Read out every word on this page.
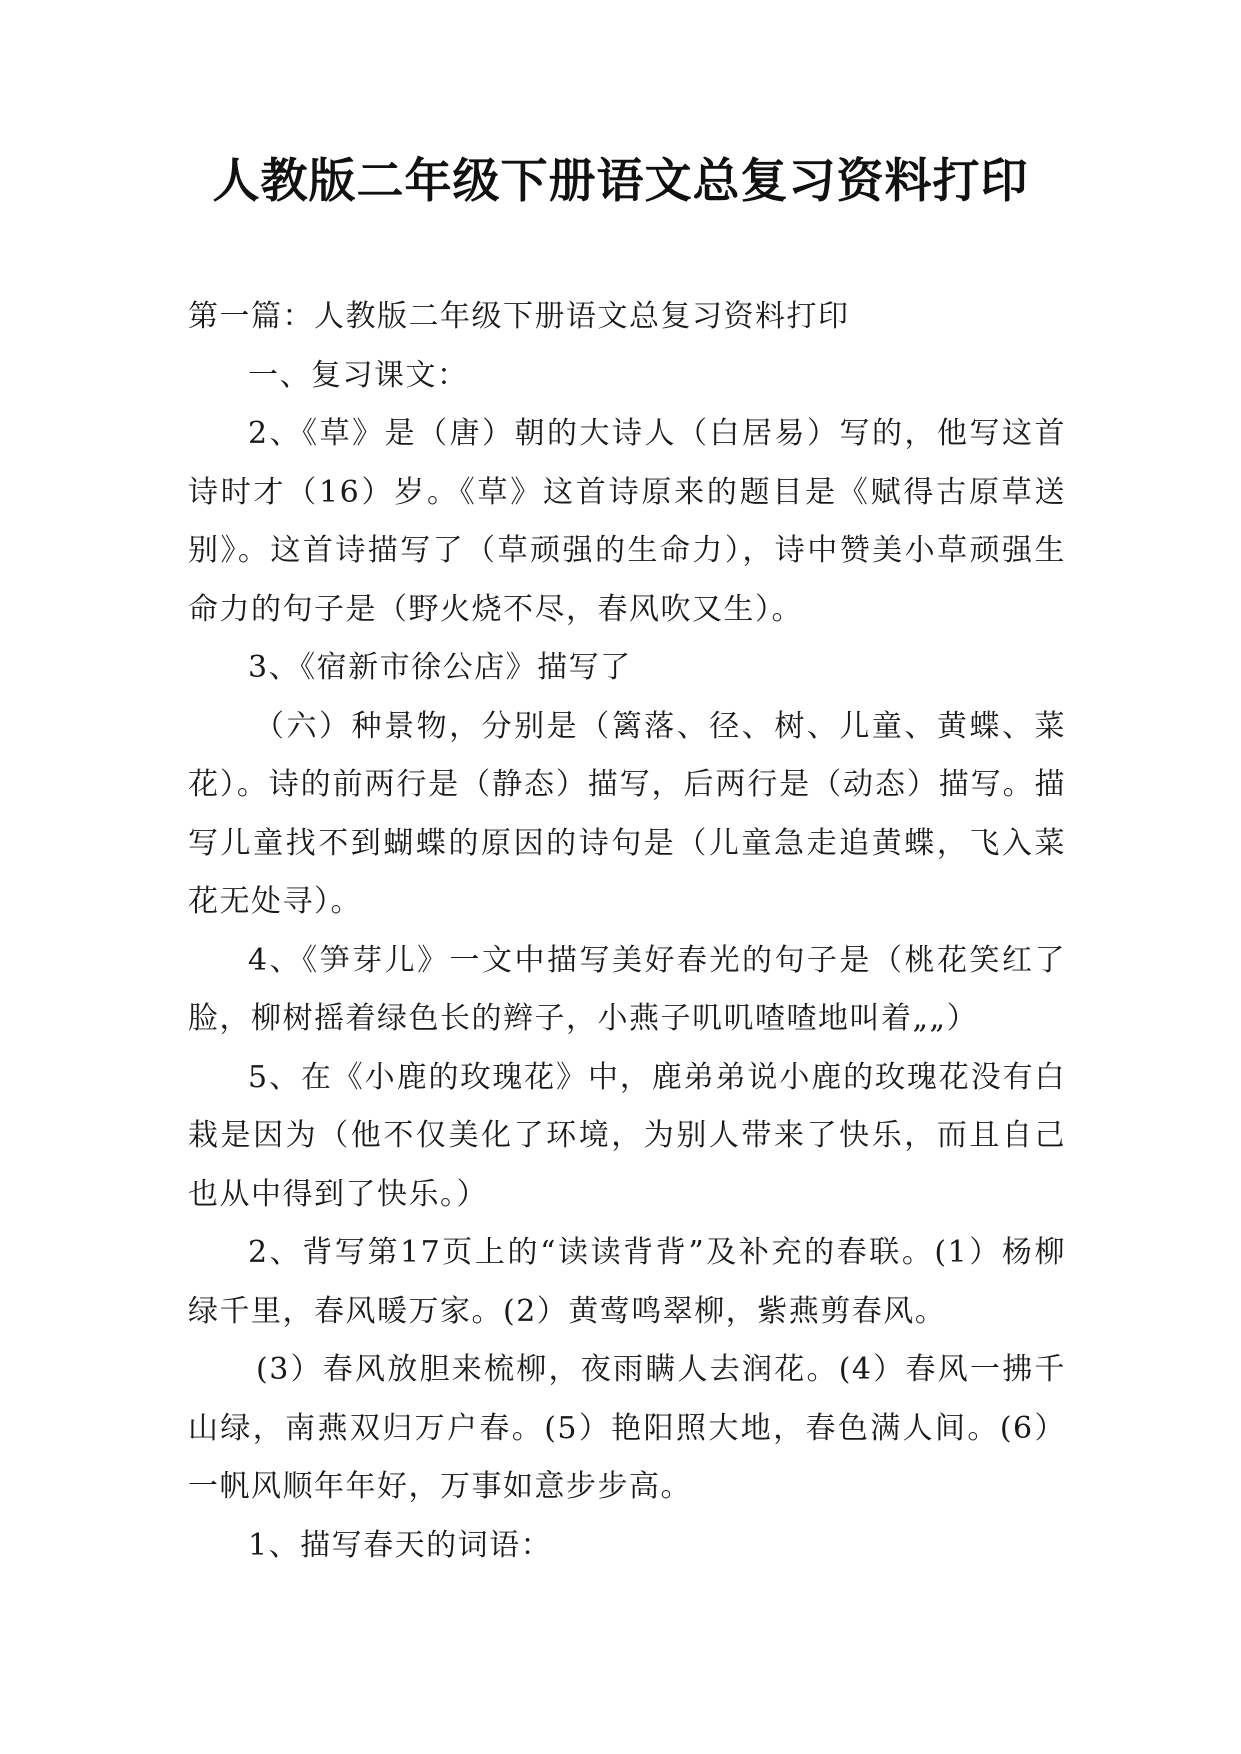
人教版二年级下册语文总复习资料打印

第一篇：人教版二年级下册语文总复习资料打印

一、复习课文：

2、《草》是（唐）朝的大诗人（白居易）写的，他写这首诗时才（16）岁。《草》这首诗原来的题目是《赋得古原草送别》。这首诗描写了（草顽强的生命力），诗中赞美小草顽强生命力的句子是（野火烧不尽，春风吹又生）。

3、《宿新市徐公店》描写了

（六）种景物，分别是（篱落、径、树、儿童、黄蝶、菜花）。诗的前两行是（静态）描写，后两行是（动态）描写。描写儿童找不到蝴蝶的原因的诗句是（儿童急走追黄蝶，飞入菜花无处寻）。

4、《笋芽儿》一文中描写美好春光的句子是（桃花笑红了脸，柳树摇着绿色长的辫子，小燕子叽叽喳喳地叫着„„）

5、在《小鹿的玫瑰花》中，鹿弟弟说小鹿的玫瑰花没有白栽是因为（他不仅美化了环境，为别人带来了快乐，而且自己也从中得到了快乐。）

2、背写第17页上的“读读背背”及补充的春联。(1）杨柳绿千里，春风暖万家。(2）黄莺鸣翠柳，紫燕剪春风。

(3）春风放胆来梳柳，夜雨瞒人去润花。(4）春风一拂千山绿，南燕双归万户春。(5）艳阳照大地，春色满人间。(6）一帆风顺年年好，万事如意步步高。

1、描写春天的词语：
